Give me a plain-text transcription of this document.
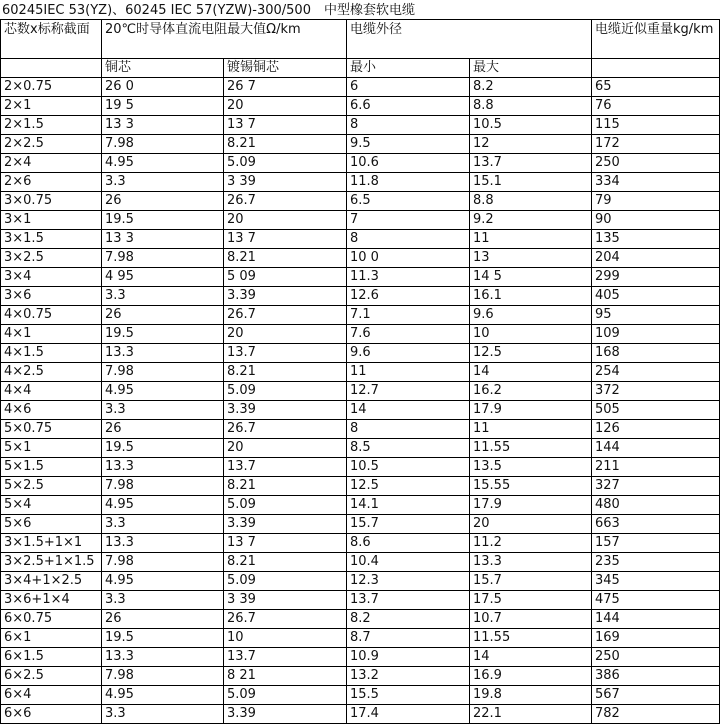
60245IEC 53(YZ)、60245 IEC 57(YZW)-300/500　中型橡套软电缆
芯数x标称截面	20℃时导体直流电阻最大值Ω/km		电缆外径		电缆近似重量kg/km
	铜芯	镀锡铜芯	最小	最大	
2×0.75	26 0	26 7	6	8.2	65
2×1	19 5	20	6.6	8.8	76
2×1.5	13 3	13 7	8	10.5	115
2×2.5	7.98	8.21	9.5	12	172
2×4	4.95	5.09	10.6	13.7	250
2×6	3.3	3 39	11.8	15.1	334
3×0.75	26	26.7	6.5	8.8	79
3×1	19.5	20	7	9.2	90
3×1.5	13 3	13 7	8	11	135
3×2.5	7.98	8.21	10 0	13	204
3×4	4 95	5 09	11.3	14 5	299
3×6	3.3	3.39	12.6	16.1	405
4×0.75	26	26.7	7.1	9.6	95
4×1	19.5	20	7.6	10	109
4×1.5	13.3	13.7	9.6	12.5	168
4×2.5	7.98	8.21	11	14	254
4×4	4.95	5.09	12.7	16.2	372
4×6	3.3	3.39	14	17.9	505
5×0.75	26	26.7	8	11	126
5×1	19.5	20	8.5	11.55	144
5×1.5	13.3	13.7	10.5	13.5	211
5×2.5	7.98	8.21	12.5	15.55	327
5×4	4.95	5.09	14.1	17.9	480
5×6	3.3	3.39	15.7	20	663
3×1.5+1×1	13.3	13 7	8.6	11.2	157
3×2.5+1×1.5	7.98	8.21	10.4	13.3	235
3×4+1×2.5	4.95	5.09	12.3	15.7	345
3×6+1×4	3.3	3 39	13.7	17.5	475
6×0.75	26	26.7	8.2	10.7	144
6×1	19.5	10	8.7	11.55	169
6×1.5	13.3	13.7	10.9	14	250
6×2.5	7.98	8 21	13.2	16.9	386
6×4	4.95	5.09	15.5	19.8	567
6×6	3.3	3.39	17.4	22.1	782
